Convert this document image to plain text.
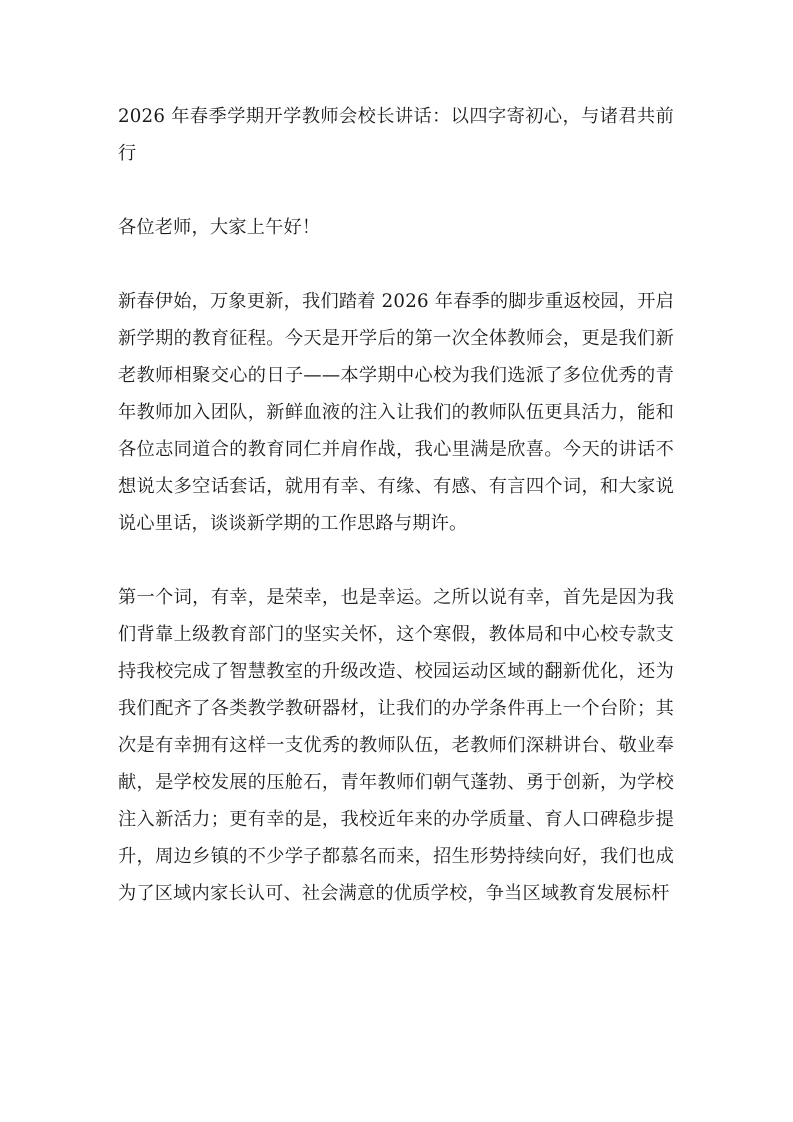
2026 年春季学期开学教师会校长讲话：以四字寄初心，与诸君共前行

各位老师，大家上午好！

新春伊始，万象更新，我们踏着 2026 年春季的脚步重返校园，开启新学期的教育征程。今天是开学后的第一次全体教师会，更是我们新老教师相聚交心的日子——本学期中心校为我们选派了多位优秀的青年教师加入团队，新鲜血液的注入让我们的教师队伍更具活力，能和各位志同道合的教育同仁并肩作战，我心里满是欣喜。今天的讲话不想说太多空话套话，就用有幸、有缘、有感、有言四个词，和大家说说心里话，谈谈新学期的工作思路与期许。

第一个词，有幸，是荣幸，也是幸运。之所以说有幸，首先是因为我们背靠上级教育部门的坚实关怀，这个寒假，教体局和中心校专款支持我校完成了智慧教室的升级改造、校园运动区域的翻新优化，还为我们配齐了各类教学教研器材，让我们的办学条件再上一个台阶；其次是有幸拥有这样一支优秀的教师队伍，老教师们深耕讲台、敬业奉献，是学校发展的压舱石，青年教师们朝气蓬勃、勇于创新，为学校注入新活力；更有幸的是，我校近年来的办学质量、育人口碑稳步提升，周边乡镇的不少学子都慕名而来，招生形势持续向好，我们也成为了区域内家长认可、社会满意的优质学校，争当区域教育发展标杆
